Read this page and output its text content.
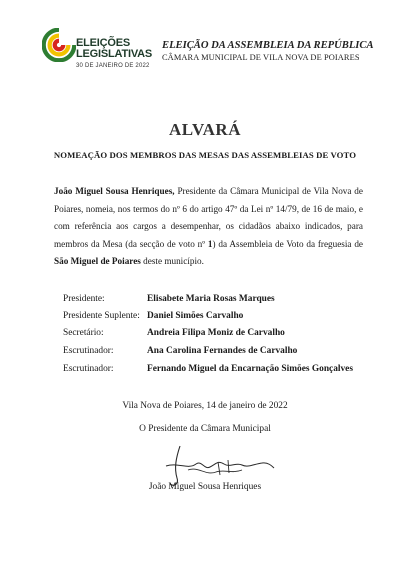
ELEIÇÕES
LEGISLATIVAS
30 DE JANEIRO DE 2022
ELEIÇÃO DA ASSEMBLEIA DA REPÚBLICA
CÂMARA MUNICIPAL DE VILA NOVA DE POIARES
ALVARÁ
NOMEAÇÃO DOS MEMBROS DAS MESAS DAS ASSEMBLEIAS DE VOTO
João Miguel Sousa Henriques, Presidente da Câmara Municipal de Vila Nova de Poiares, nomeia, nos termos do nº 6 do artigo 47º da Lei nº 14/79, de 16 de maio, e com referência aos cargos a desempenhar, os cidadãos abaixo indicados, para membros da Mesa (da secção de voto nº 1) da Assembleia de Voto da freguesia de São Miguel de Poiares deste município.
Presidente:	Elisabete Maria Rosas Marques
Presidente Suplente: Daniel Simões Carvalho
Secretário:	Andreia Filipa Moniz de Carvalho
Escrutinador:	Ana Carolina Fernandes de Carvalho
Escrutinador:	Fernando Miguel da Encarnação Simões Gonçalves
Vila Nova de Poiares, 14 de janeiro de 2022
O Presidente da Câmara Municipal
João Miguel Sousa Henriques
